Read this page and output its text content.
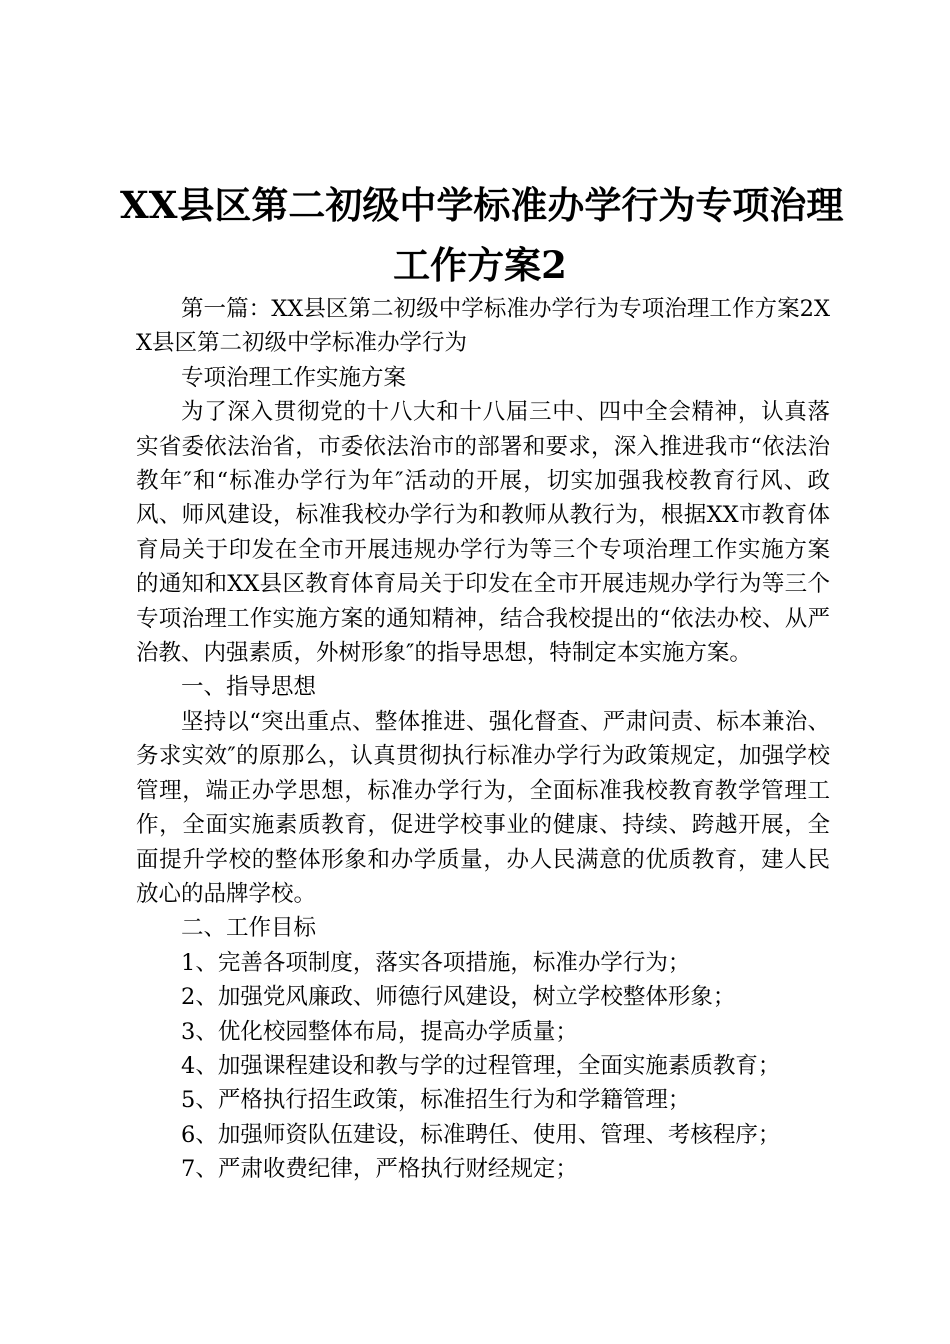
XX县区第二初级中学标准办学行为专项治理
工作方案2

第一篇：XX县区第二初级中学标准办学行为专项治理工作方案2XX县区第二初级中学标准办学行为

专项治理工作实施方案

为了深入贯彻党的十八大和十八届三中、四中全会精神，认真落实省委依法治省，市委依法治市的部署和要求，深入推进我市“依法治教年″和“标准办学行为年″活动的开展，切实加强我校教育行风、政风、师风建设，标准我校办学行为和教师从教行为，根据XX市教育体育局关于印发在全市开展违规办学行为等三个专项治理工作实施方案的通知和XX县区教育体育局关于印发在全市开展违规办学行为等三个专项治理工作实施方案的通知精神，结合我校提出的“依法办校、从严治教、内强素质，外树形象″的指导思想，特制定本实施方案。

一、指导思想

坚持以“突出重点、整体推进、强化督查、严肃问责、标本兼治、务求实效″的原那么，认真贯彻执行标准办学行为政策规定，加强学校管理，端正办学思想，标准办学行为，全面标准我校教育教学管理工作，全面实施素质教育，促进学校事业的健康、持续、跨越开展，全面提升学校的整体形象和办学质量，办人民满意的优质教育，建人民放心的品牌学校。

二、工作目标

1、完善各项制度，落实各项措施，标准办学行为；

2、加强党风廉政、师德行风建设，树立学校整体形象；

3、优化校园整体布局，提高办学质量；

4、加强课程建设和教与学的过程管理，全面实施素质教育；

5、严格执行招生政策，标准招生行为和学籍管理；

6、加强师资队伍建设，标准聘任、使用、管理、考核程序；

7、严肃收费纪律，严格执行财经规定；
